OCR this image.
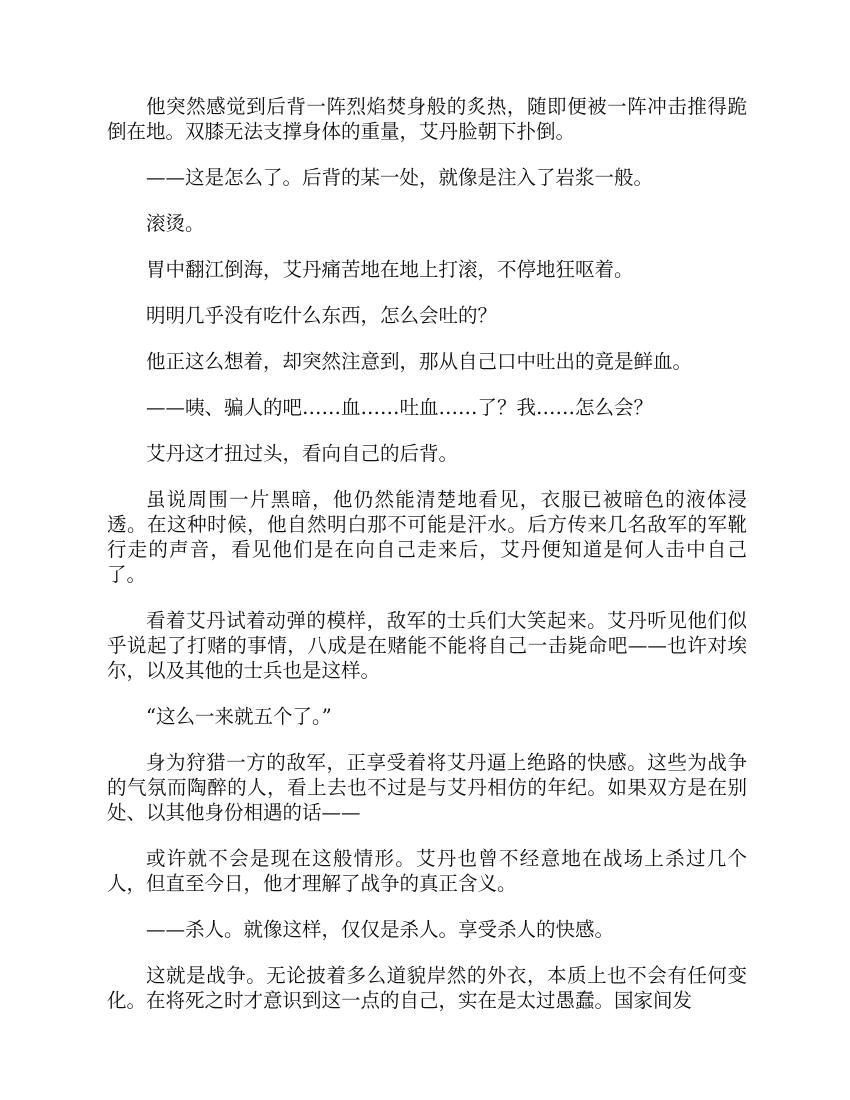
他突然感觉到后背一阵烈焰焚身般的炙热，随即便被一阵冲击推得跪倒在地。双膝无法支撑身体的重量，艾丹脸朝下扑倒。

——这是怎么了。后背的某一处，就像是注入了岩浆一般。

滚烫。

胃中翻江倒海，艾丹痛苦地在地上打滚，不停地狂呕着。

明明几乎没有吃什么东西，怎么会吐的？

他正这么想着，却突然注意到，那从自己口中吐出的竟是鲜血。

——咦、骗人的吧……血……吐血……了？我……怎么会？

艾丹这才扭过头，看向自己的后背。

虽说周围一片黑暗，他仍然能清楚地看见，衣服已被暗色的液体浸透。在这种时候，他自然明白那不可能是汗水。后方传来几名敌军的军靴行走的声音，看见他们是在向自己走来后，艾丹便知道是何人击中自己了。

看着艾丹试着动弹的模样，敌军的士兵们大笑起来。艾丹听见他们似乎说起了打赌的事情，八成是在赌能不能将自己一击毙命吧——也许对埃尔，以及其他的士兵也是这样。

“这么一来就五个了。”

身为狩猎一方的敌军，正享受着将艾丹逼上绝路的快感。这些为战争的气氛而陶醉的人，看上去也不过是与艾丹相仿的年纪。如果双方是在别处、以其他身份相遇的话——

或许就不会是现在这般情形。艾丹也曾不经意地在战场上杀过几个人，但直至今日，他才理解了战争的真正含义。

——杀人。就像这样，仅仅是杀人。享受杀人的快感。

这就是战争。无论披着多么道貌岸然的外衣，本质上也不会有任何变化。在将死之时才意识到这一点的自己，实在是太过愚蠢。国家间发
